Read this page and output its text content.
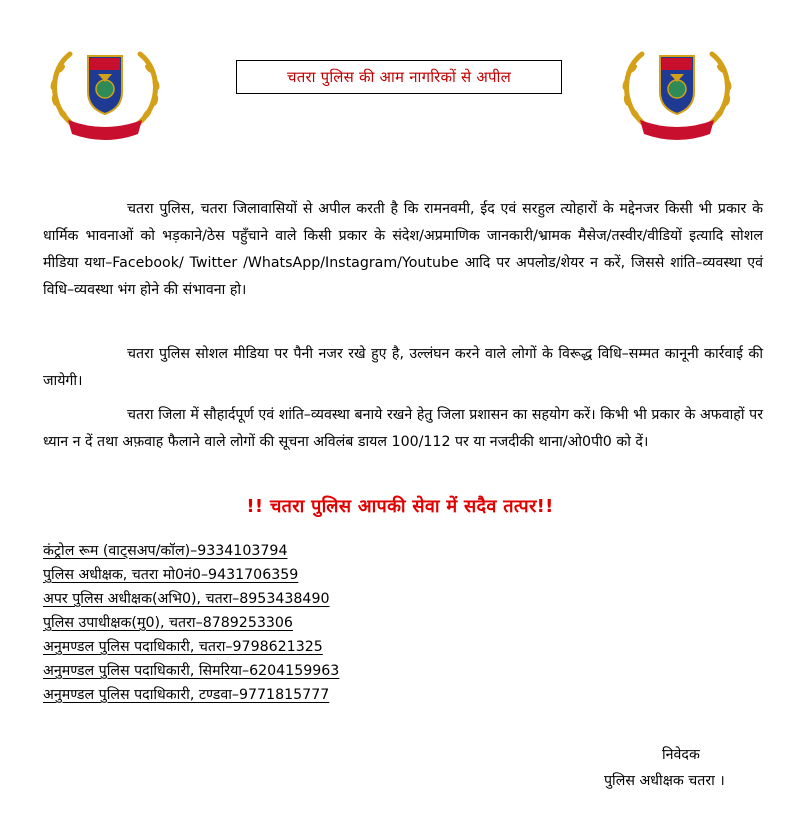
चतरा पुलिस की आम नागरिकों से अपील

चतरा पुलिस, चतरा जिलावासियों से अपील करती है कि रामनवमी, ईद एवं सरहुल त्योहारों के मद्देनजर किसी भी प्रकार के धार्मिक भावनाओं को भड़काने/ठेस पहुँचाने वाले किसी प्रकार के संदेश/अप्रमाणिक जानकारी/भ्रामक मैसेज/तस्वीर/वीडियों इत्यादि सोशल मीडिया यथा–Facebook/ Twitter /WhatsApp/Instagram/Youtube आदि पर अपलोड/शेयर न करें, जिससे शांति–व्यवस्था एवं विधि–व्यवस्था भंग होने की संभावना हो।

चतरा पुलिस सोशल मीडिया पर पैनी नजर रखे हुए है, उल्लंघन करने वाले लोगों के विरूद्ध विधि–सम्मत कानूनी कार्रवाई की जायेगी।

चतरा जिला में सौहार्दपूर्ण एवं शांति–व्यवस्था बनाये रखने हेतु जिला प्रशासन का सहयोग करें। किभी भी प्रकार के अफवाहों पर ध्यान न दें तथा अफ़वाह फैलाने वाले लोगों की सूचना अविलंब डायल 100/112 पर या नजदीकी थाना/ओ0पी0 को दें।

!! चतरा पुलिस आपकी सेवा में सदैव तत्पर!!
कंट्रोल रूम (वाट्सअप/कॉल)–9334103794
पुलिस अधीक्षक, चतरा मो0नं0–9431706359
अपर पुलिस अधीक्षक(अभि0), चतरा–8953438490
पुलिस उपाधीक्षक(मु0), चतरा–8789253306
अनुमण्डल पुलिस पदाधिकारी, चतरा–9798621325
अनुमण्डल पुलिस पदाधिकारी, सिमरिया–6204159963
अनुमण्डल पुलिस पदाधिकारी, टण्डवा–9771815777
निवेदक
पुलिस अधीक्षक चतरा ।
